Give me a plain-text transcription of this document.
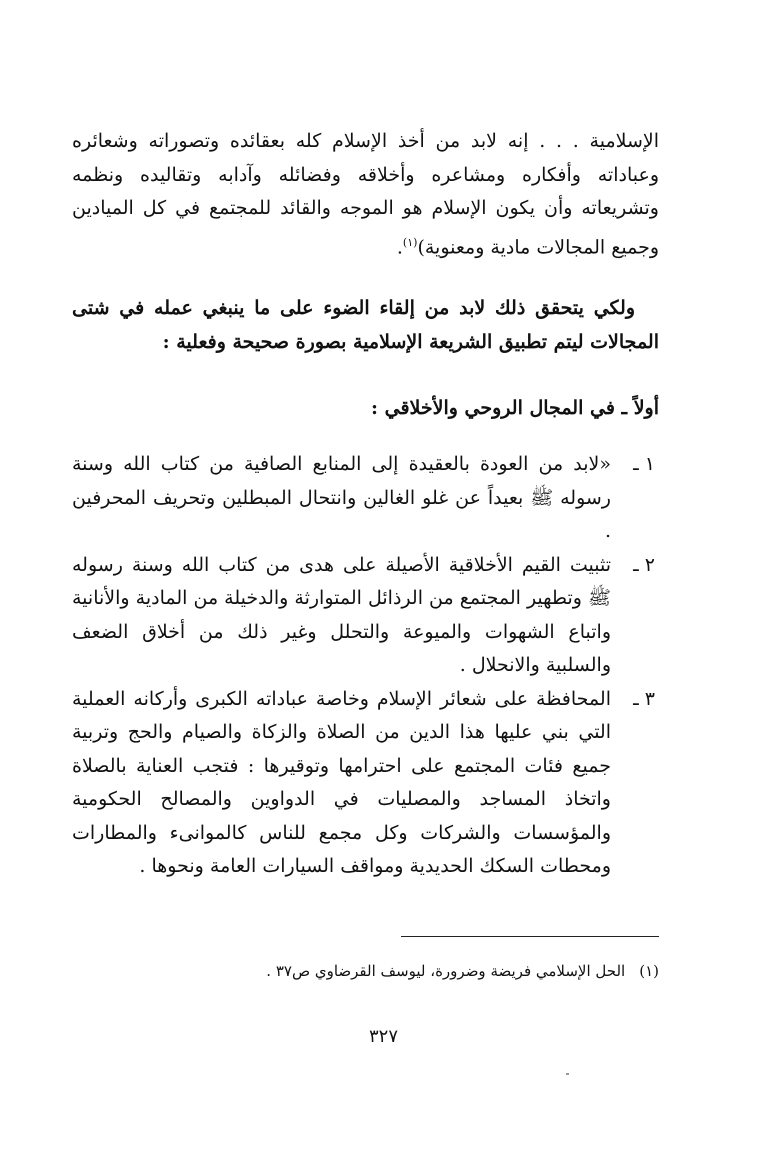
الإسلامية . . . إنه لابد من أخذ الإسلام كله بعقائده وتصوراته وشعائره وعباداته وأفكاره ومشاعره وأخلاقه وفضائله وآدابه وتقاليده ونظمه وتشريعاته وأن يكون الإسلام هو الموجه والقائد للمجتمع في كل الميادين وجميع المجالات مادية ومعنوية)$^{(١)}$.

ولكي يتحقق ذلك لابد من إلقاء الضوء على ما ينبغي عمله في شتى المجالات ليتم تطبيق الشريعة الإسلامية بصورة صحيحة وفعلية :

أولاً ـ في المجال الروحي والأخلاقي :
١ ـ
«لابد من العودة بالعقيدة إلى المنابع الصافية من كتاب الله وسنة رسوله ﷺ بعيداً عن غلو الغالين وانتحال المبطلين وتحريف المحرفين .
٢ ـ
تثبيت القيم الأخلاقية الأصيلة على هدى من كتاب الله وسنة رسوله ﷺ وتطهير المجتمع من الرذائل المتوارثة والدخيلة من المادية والأنانية واتباع الشهوات والميوعة والتحلل وغير ذلك من أخلاق الضعف والسلبية والانحلال .
٣ ـ
المحافظة على شعائر الإسلام وخاصة عباداته الكبرى وأركانه العملية التي بني عليها هذا الدين من الصلاة والزكاة والصيام والحج وتربية جميع فئات المجتمع على احترامها وتوقيرها : فتجب العناية بالصلاة واتخاذ المساجد والمصليات في الدواوين والمصالح الحكومية والمؤسسات والشركات وكل مجمع للناس كالموانىء والمطارات ومحطات السكك الحديدية ومواقف السيارات العامة ونحوها .
(١)الحل الإسلامي فريضة وضرورة، ليوسف القرضاوي ص٣٧ .
٣٢٧
